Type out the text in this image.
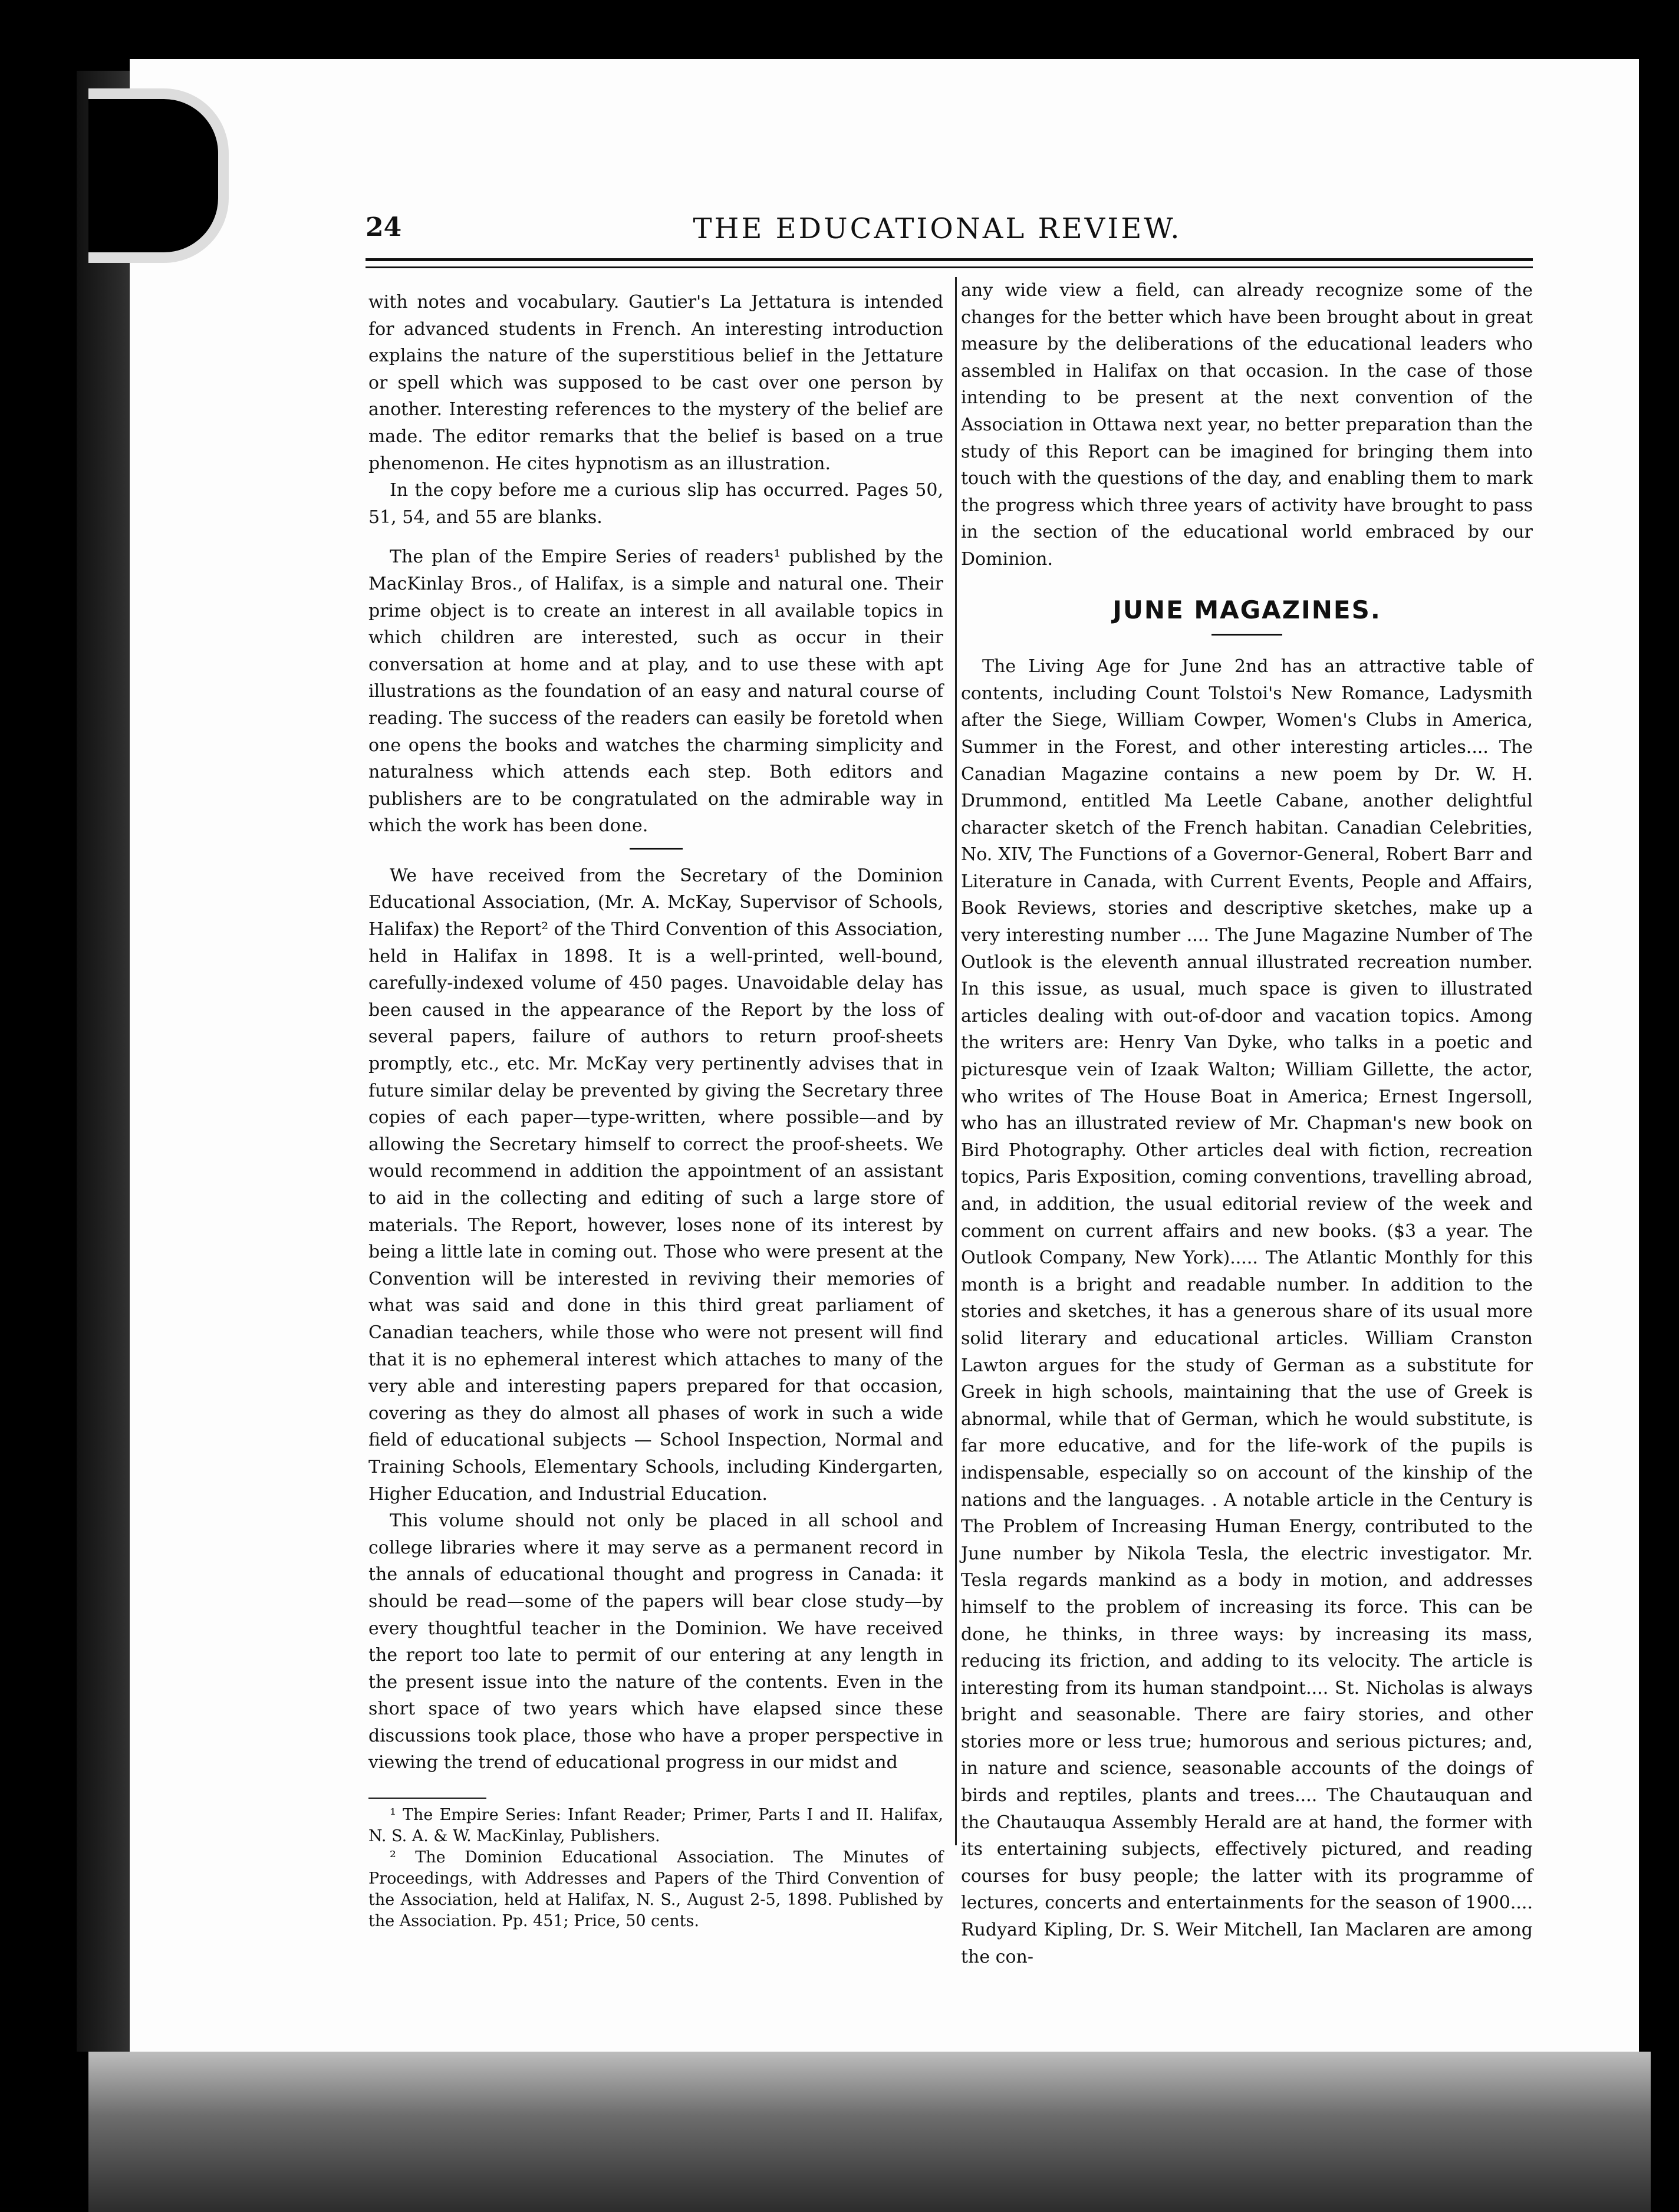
24	THE EDUCATIONAL REVIEW.

with notes and vocabulary. Gautier's La Jettatura is intended for advanced students in French. An interesting introduction explains the nature of the superstitious belief in the Jettature or spell which was supposed to be cast over one person by another. Interesting references to the mystery of the belief are made. The editor remarks that the belief is based on a true phenomenon. He cites hypnotism as an illustration.

In the copy before me a curious slip has occurred. Pages 50, 51, 54, and 55 are blanks.

The plan of the Empire Series of readers¹ published by the MacKinlay Bros., of Halifax, is a simple and natural one. Their prime object is to create an interest in all available topics in which children are interested, such as occur in their conversation at home and at play, and to use these with apt illustrations as the foundation of an easy and natural course of reading. The success of the readers can easily be foretold when one opens the books and watches the charming simplicity and naturalness which attends each step. Both editors and publishers are to be congratulated on the admirable way in which the work has been done.

We have received from the Secretary of the Dominion Educational Association, (Mr. A. McKay, Supervisor of Schools, Halifax) the Report² of the Third Convention of this Association, held in Halifax in 1898. It is a well-printed, well-bound, carefully-indexed volume of 450 pages. Unavoidable delay has been caused in the appearance of the Report by the loss of several papers, failure of authors to return proof-sheets promptly, etc., etc. Mr. McKay very pertinently advises that in future similar delay be prevented by giving the Secretary three copies of each paper—type-written, where possible—and by allowing the Secretary himself to correct the proof-sheets. We would recommend in addition the appointment of an assistant to aid in the collecting and editing of such a large store of materials. The Report, however, loses none of its interest by being a little late in coming out. Those who were present at the Convention will be interested in reviving their memories of what was said and done in this third great parliament of Canadian teachers, while those who were not present will find that it is no ephemeral interest which attaches to many of the very able and interesting papers prepared for that occasion, covering as they do almost all phases of work in such a wide field of educational subjects — School Inspection, Normal and Training Schools, Elementary Schools, including Kindergarten, Higher Education, and Industrial Education.

This volume should not only be placed in all school and college libraries where it may serve as a permanent record in the annals of educational thought and progress in Canada: it should be read—some of the papers will bear close study—by every thoughtful teacher in the Dominion. We have received the report too late to permit of our entering at any length in the present issue into the nature of the contents. Even in the short space of two years which have elapsed since these discussions took place, those who have a proper perspective in viewing the trend of educational progress in our midst and

¹ The Empire Series: Infant Reader; Primer, Parts I and II. Halifax, N. S. A. & W. MacKinlay, Publishers.

² The Dominion Educational Association. The Minutes of Proceedings, with Addresses and Papers of the Third Convention of the Association, held at Halifax, N. S., August 2-5, 1898. Published by the Association. Pp. 451; Price, 50 cents.

any wide view a field, can already recognize some of the changes for the better which have been brought about in great measure by the deliberations of the educational leaders who assembled in Halifax on that occasion. In the case of those intending to be present at the next convention of the Association in Ottawa next year, no better preparation than the study of this Report can be imagined for bringing them into touch with the questions of the day, and enabling them to mark the progress which three years of activity have brought to pass in the section of the educational world embraced by our Dominion.

JUNE MAGAZINES.

The Living Age for June 2nd has an attractive table of contents, including Count Tolstoi's New Romance, Ladysmith after the Siege, William Cowper, Women's Clubs in America, Summer in the Forest, and other interesting articles.... The Canadian Magazine contains a new poem by Dr. W. H. Drummond, entitled Ma Leetle Cabane, another delightful character sketch of the French habitan. Canadian Celebrities, No. XIV, The Functions of a Governor-General, Robert Barr and Literature in Canada, with Current Events, People and Affairs, Book Reviews, stories and descriptive sketches, make up a very interesting number .... The June Magazine Number of The Outlook is the eleventh annual illustrated recreation number. In this issue, as usual, much space is given to illustrated articles dealing with out-of-door and vacation topics. Among the writers are: Henry Van Dyke, who talks in a poetic and picturesque vein of Izaak Walton; William Gillette, the actor, who writes of The House Boat in America; Ernest Ingersoll, who has an illustrated review of Mr. Chapman's new book on Bird Photography. Other articles deal with fiction, recreation topics, Paris Exposition, coming conventions, travelling abroad, and, in addition, the usual editorial review of the week and comment on current affairs and new books. ($3 a year. The Outlook Company, New York)..... The Atlantic Monthly for this month is a bright and readable number. In addition to the stories and sketches, it has a generous share of its usual more solid literary and educational articles. William Cranston Lawton argues for the study of German as a substitute for Greek in high schools, maintaining that the use of Greek is abnormal, while that of German, which he would substitute, is far more educative, and for the life-work of the pupils is indispensable, especially so on account of the kinship of the nations and the languages. . A notable article in the Century is The Problem of Increasing Human Energy, contributed to the June number by Nikola Tesla, the electric investigator. Mr. Tesla regards mankind as a body in motion, and addresses himself to the problem of increasing its force. This can be done, he thinks, in three ways: by increasing its mass, reducing its friction, and adding to its velocity. The article is interesting from its human standpoint.... St. Nicholas is always bright and seasonable. There are fairy stories, and other stories more or less true; humorous and serious pictures; and, in nature and science, seasonable accounts of the doings of birds and reptiles, plants and trees.... The Chautauquan and the Chautauqua Assembly Herald are at hand, the former with its entertaining subjects, effectively pictured, and reading courses for busy people; the latter with its programme of lectures, concerts and entertainments for the season of 1900.... Rudyard Kipling, Dr. S. Weir Mitchell, Ian Maclaren are among the con-
